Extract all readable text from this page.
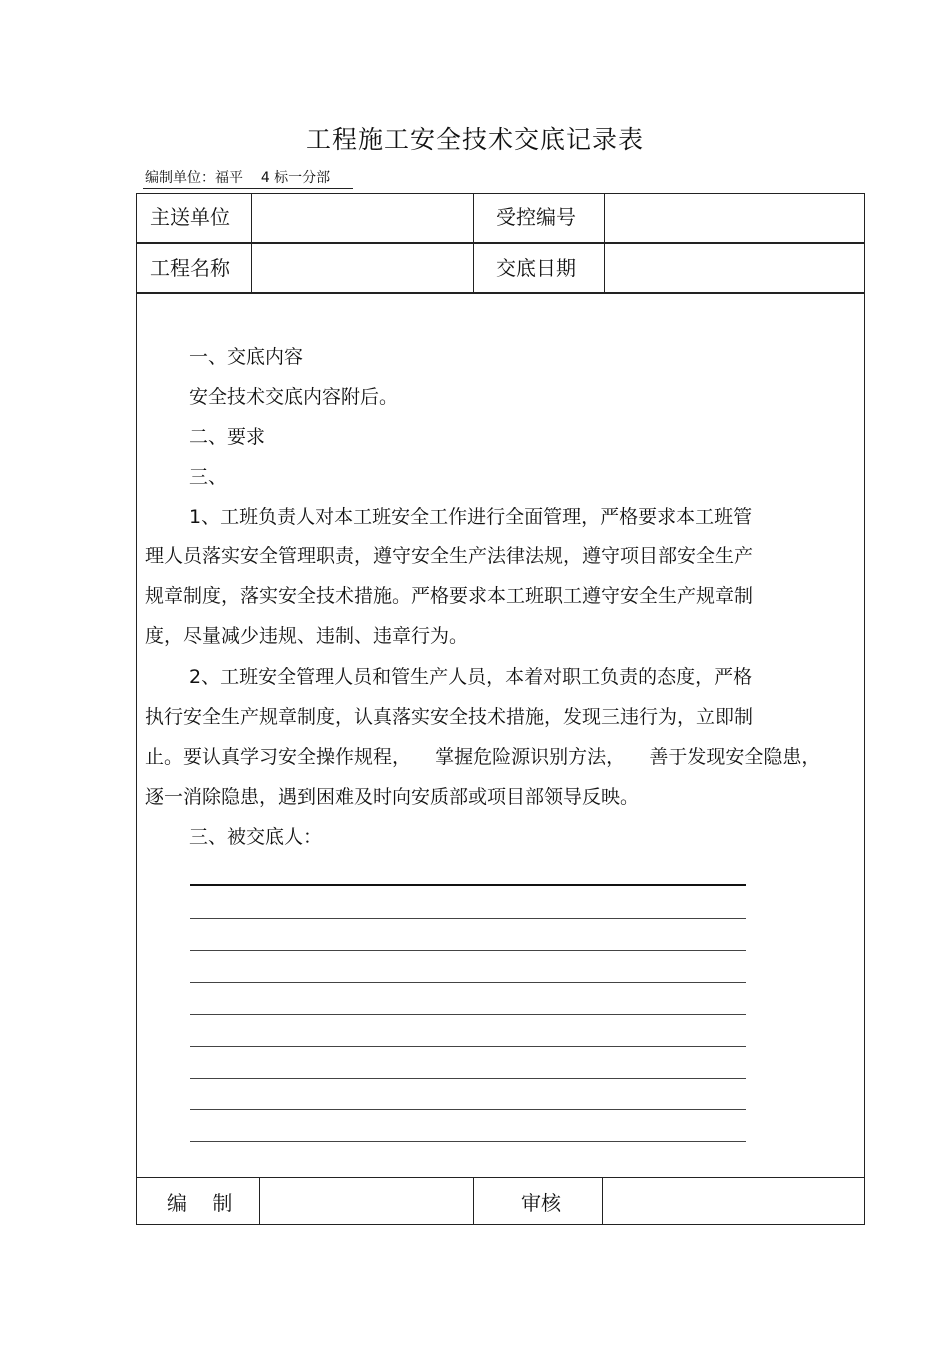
工程施工安全技术交底记录表
编制单位：福平 4 标一分部
主送单位	受控编号
工程名称	交底日期
一、交底内容
安全技术交底内容附后。
二、要求
三、
1、工班负责人对本工班安全工作进行全面管理，严格要求本工班管
理人员落实安全管理职责，遵守安全生产法律法规，遵守项目部安全生产
规章制度，落实安全技术措施。严格要求本工班职工遵守安全生产规章制
度，尽量减少违规、违制、违章行为。
2、工班安全管理人员和管生产人员，本着对职工负责的态度，严格
执行安全生产规章制度，认真落实安全技术措施，发现三违行为，立即制
止。要认真学习安全操作规程，    掌握危险源识别方法，    善于发现安全隐患，
逐一消除隐患，遇到困难及时向安质部或项目部领导反映。
三、被交底人：
编    制	审核
